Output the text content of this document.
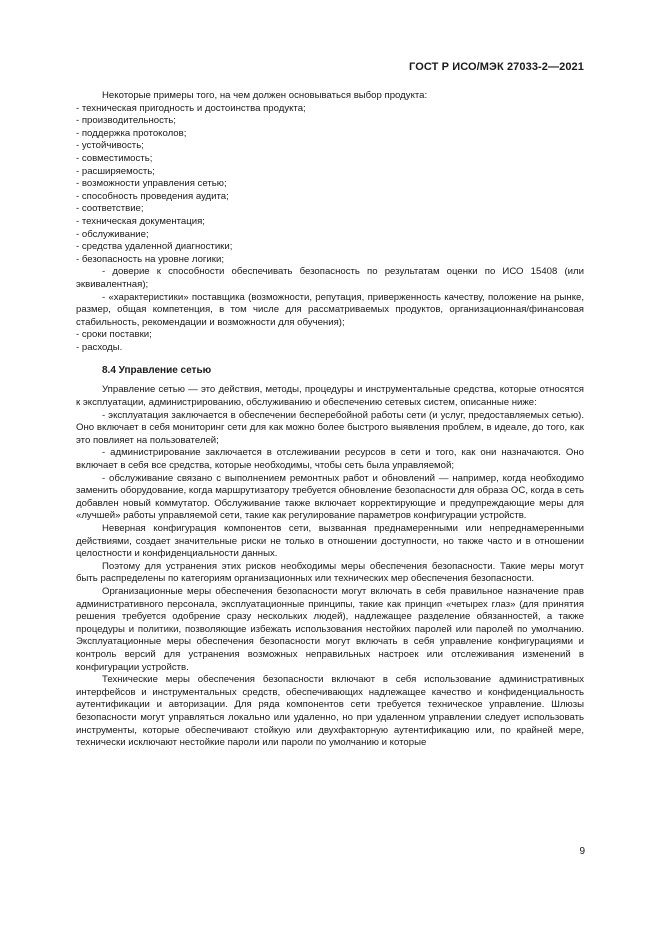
ГОСТ Р ИСО/МЭК 27033-2—2021

Некоторые примеры того, на чем должен основываться выбор продукта:

- техническая пригодность и достоинства продукта;

- производительность;

- поддержка протоколов;

- устойчивость;

- совместимость;

- расширяемость;

- возможности управления сетью;

- способность проведения аудита;

- соответствие;

- техническая документация;

- обслуживание;

- средства удаленной диагностики;

- безопасность на уровне логики;

- доверие к способности обеспечивать безопасность по результатам оценки по ИСО 15408 (или эквивалентная);

- «характеристики» поставщика (возможности, репутация, приверженность качеству, положение на рынке, размер, общая компетенция, в том числе для рассматриваемых продуктов, организационная/финансовая стабильность, рекомендации и возможности для обучения);

- сроки поставки;

- расходы.

8.4 Управление сетью

Управление сетью — это действия, методы, процедуры и инструментальные средства, которые относятся к эксплуатации, администрированию, обслуживанию и обеспечению сетевых систем, описанные ниже:

- эксплуатация заключается в обеспечении бесперебойной работы сети (и услуг, предоставляемых сетью). Оно включает в себя мониторинг сети для как можно более быстрого выявления проблем, в идеале, до того, как это повлияет на пользователей;

- администрирование заключается в отслеживании ресурсов в сети и того, как они назначаются. Оно включает в себя все средства, которые необходимы, чтобы сеть была управляемой;

- обслуживание связано с выполнением ремонтных работ и обновлений — например, когда необходимо заменить оборудование, когда маршрутизатору требуется обновление безопасности для образа ОС, когда в сеть добавлен новый коммутатор. Обслуживание также включает корректирующие и предупреждающие меры для «лучшей» работы управляемой сети, такие как регулирование параметров конфигурации устройств.

Неверная конфигурация компонентов сети, вызванная преднамеренными или непреднамеренными действиями, создает значительные риски не только в отношении доступности, но также часто и в отношении целостности и конфиденциальности данных.

Поэтому для устранения этих рисков необходимы меры обеспечения безопасности. Такие меры могут быть распределены по категориям организационных или технических мер обеспечения безопасности.

Организационные меры обеспечения безопасности могут включать в себя правильное назначение прав административного персонала, эксплуатационные принципы, такие как принцип «четырех глаз» (для принятия решения требуется одобрение сразу нескольких людей), надлежащее разделение обязанностей, а также процедуры и политики, позволяющие избежать использования нестойких паролей или паролей по умолчанию. Эксплуатационные меры обеспечения безопасности могут включать в себя управление конфигурациями и контроль версий для устранения возможных неправильных настроек или отслеживания изменений в конфигурации устройств.

Технические меры обеспечения безопасности включают в себя использование административных интерфейсов и инструментальных средств, обеспечивающих надлежащее качество и конфиденциальность аутентификации и авторизации. Для ряда компонентов сети требуется техническое управление. Шлюзы безопасности могут управляться локально или удаленно, но при удаленном управлении следует использовать инструменты, которые обеспечивают стойкую или двухфакторную аутентификацию или, по крайней мере, технически исключают нестойкие пароли или пароли по умолчанию и которые

9
